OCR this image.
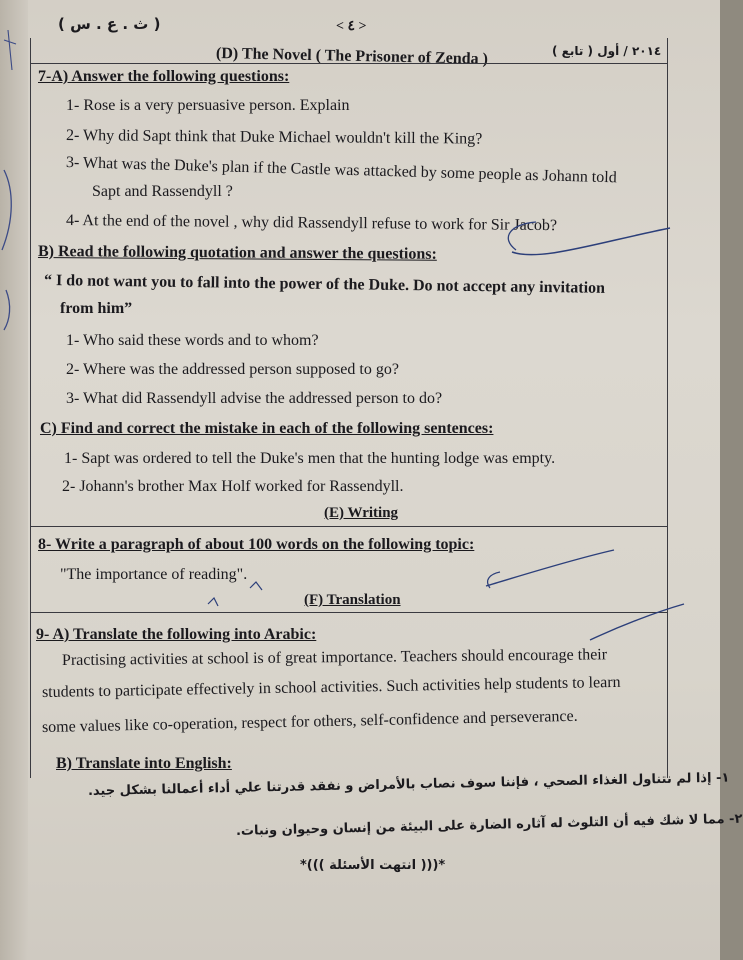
( ث . ع . س )	< ٤ >
(D) The Novel ( The Prisoner of Zenda )	٢٠١٤ / أول ( تابع )
7-A) Answer the following questions:
1- Rose is a very persuasive person. Explain
2- Why did Sapt think that Duke Michael wouldn't kill the King?
3- What was the Duke's plan if the Castle was attacked by some people as Johann told
Sapt and Rassendyll ?
4- At the end of the novel , why did Rassendyll refuse to work for Sir Jacob?
B) Read the following quotation and answer the questions:
“ I do not want you to fall into the power of the Duke. Do not accept any invitation
from him”
1- Who said these words and to whom?
2- Where was the addressed person supposed to go?
3- What did Rassendyll advise the addressed person to do?
C) Find and correct the mistake in each of the following sentences:
1- Sapt was ordered to tell the Duke's men that the hunting lodge was empty.
2- Johann's brother Max Holf worked for Rassendyll.
(E) Writing
8- Write a paragraph of about 100 words on the following topic:
"The importance of reading".
(F) Translation
9- A) Translate the following into Arabic:
Practising activities at school is of great importance. Teachers should encourage their
students to participate effectively in school activities. Such activities help students to learn
some values like co-operation, respect for others, self-confidence and perseverance.
B) Translate into English:
١- إذا لم نتناول الغذاء الصحي ، فإننا سوف نصاب بالأمراض و نفقد قدرتنا علي أداء أعمالنا بشكل جيد.
٢- مما لا شك فيه أن التلوث له آثاره الضارة على البيئة من إنسان وحيوان ونبات.
*((( انتهت الأسئلة )))*
